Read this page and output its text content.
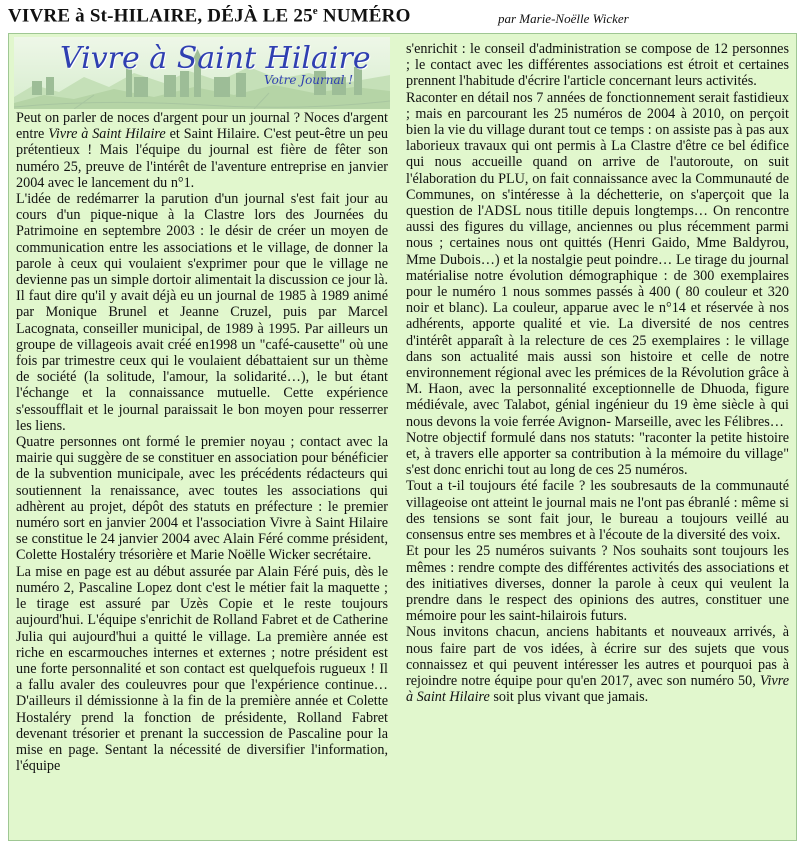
VIVRE à St-HILAIRE, DÉJÀ LE 25e NUMÉRO	par Marie-Noëlle Wicker
Vivre à Saint Hilaire
Votre Journal !

Peut on parler de noces d'argent pour un journal ? Noces d'argent entre Vivre à Saint Hilaire et Saint Hilaire. C'est peut-être un peu prétentieux ! Mais l'équipe du journal est fière de fêter son numéro 25, preuve de l'intérêt de l'aventure entreprise en janvier 2004 avec le lancement du n°1.

L'idée de redémarrer la parution d'un journal s'est fait jour au cours d'un pique-nique à la Clastre lors des Journées du Patrimoine en septembre 2003 : le désir de créer un moyen de communication entre les associations et le village, de donner la parole à ceux qui voulaient s'exprimer pour que le village ne devienne pas un simple dortoir alimentait la discussion ce jour là. Il faut dire qu'il y avait déjà eu un journal de 1985 à 1989 animé par Monique Brunel et Jeanne Cruzel, puis par Marcel Lacognata, conseiller municipal, de 1989 à 1995. Par ailleurs un groupe de villageois avait créé en1998 un "café-causette" où une fois par trimestre ceux qui le voulaient débattaient sur un thème de société (la solitude, l'amour, la solidarité…), le but étant l'échange et la connaissance mutuelle. Cette expérience s'essoufflait et le journal paraissait le bon moyen pour resserrer les liens.

Quatre personnes ont formé le premier noyau ; contact avec la mairie qui suggère de se constituer en association pour bénéficier de la subvention municipale, avec les précédents rédacteurs qui soutiennent la renaissance, avec toutes les associations qui adhèrent au projet, dépôt des statuts en préfecture : le premier numéro sort en janvier 2004 et l'association Vivre à Saint Hilaire se constitue le 24 janvier 2004 avec Alain Féré comme président, Colette Hostaléry trésorière et Marie Noëlle Wicker secrétaire.

La mise en page est au début assurée par Alain Féré puis, dès le numéro 2, Pascaline Lopez dont c'est le métier fait la maquette ; le tirage est assuré par Uzès Copie et le reste toujours aujourd'hui. L'équipe s'enrichit de Rolland Fabret et de Catherine Julia qui aujourd'hui a quitté le village. La première année est riche en escarmouches internes et externes ; notre président est une forte personnalité et son contact est quelquefois rugueux ! Il a fallu avaler des couleuvres pour que l'expérience continue… D'ailleurs il démissionne à la fin de la première année et Colette Hostaléry prend la fonction de présidente, Rolland Fabret devenant trésorier et prenant la succession de Pascaline pour la mise en page. Sentant la nécessité de diversifier l'information, l'équipe

s'enrichit : le conseil d'administration se compose de 12 personnes ; le contact avec les différentes associations est étroit et certaines prennent l'habitude d'écrire l'article concernant leurs activités.

Raconter en détail nos 7 années de fonctionnement serait fastidieux ; mais en parcourant les 25 numéros de 2004 à 2010, on perçoit bien la vie du village durant tout ce temps : on assiste pas à pas aux laborieux travaux qui ont permis à La Clastre d'être ce bel édifice qui nous accueille quand on arrive de l'autoroute, on suit l'élaboration du PLU, on fait connaissance avec la Communauté de Communes, on s'intéresse à la déchetterie, on s'aperçoit que la question de l'ADSL nous titille depuis longtemps… On rencontre aussi des figures du village, anciennes ou plus récemment parmi nous ; certaines nous ont quittés (Henri Gaido, Mme Baldyrou, Mme Dubois…) et la nostalgie peut poindre… Le tirage du journal matérialise notre évolution démographique : de 300 exemplaires pour le numéro 1 nous sommes passés à 400 ( 80 couleur et 320 noir et blanc). La couleur, apparue avec le n°14 et réservée à nos adhérents, apporte qualité et vie. La diversité de nos centres d'intérêt apparaît à la relecture de ces 25 exemplaires : le village dans son actualité mais aussi son histoire et celle de notre environnement régional avec les prémices de la Révolution grâce à M. Haon, avec la personnalité exceptionnelle de Dhuoda, figure médiévale, avec Talabot, génial ingénieur du 19 ème siècle à qui nous devons la voie ferrée Avignon- Marseille, avec les Félibres…

Notre objectif formulé dans nos statuts: "raconter la petite histoire et, à travers elle apporter sa contribution à la mémoire du village" s'est donc enrichi tout au long de ces 25 numéros.

Tout a t-il toujours été facile ? les soubresauts de la communauté villageoise ont atteint le journal mais ne l'ont pas ébranlé : même si des tensions se sont fait jour, le bureau a toujours veillé au consensus entre ses membres et à l'écoute de la diversité des voix.

Et pour les 25 numéros suivants ? Nos souhaits sont toujours les mêmes : rendre compte des différentes activités des associations et des initiatives diverses, donner la parole à ceux qui veulent la prendre dans le respect des opinions des autres, constituer une mémoire pour les saint-hilairois futurs.

Nous invitons chacun, anciens habitants et nouveaux arrivés, à nous faire part de vos idées, à écrire sur des sujets que vous connaissez et qui peuvent intéresser les autres et pourquoi pas à rejoindre notre équipe pour qu'en 2017, avec son numéro 50, Vivre à Saint Hilaire soit plus vivant que jamais.
